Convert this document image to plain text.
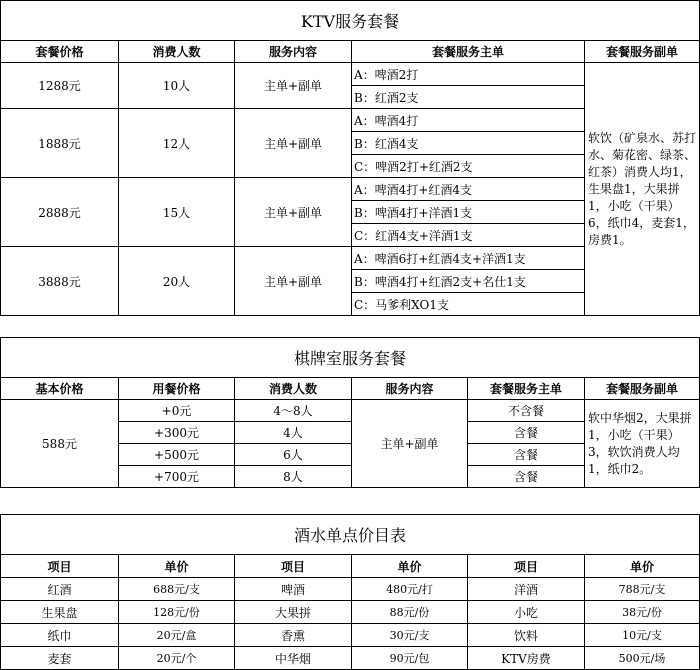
KTV服务套餐				
套餐价格	消费人数	服务内容	套餐服务主单	套餐服务副单
1288元	10人	主单+副单	A：啤酒2打	软饮（矿泉水、苏打水、菊花密、绿茶、红茶）消费人均1，生果盘1，大果拼1，小吃（干果）6，纸巾4，麦套1，房费1。
			B：红酒2支	
1888元	12人	主单+副单	A：啤酒4打	
			B：红酒4支	
			C：啤酒2打+红酒2支	
2888元	15人	主单+副单	A：啤酒4打+红酒4支	
			B：啤酒4打+洋酒1支	
			C：红酒4支+洋酒1支	
3888元	20人	主单+副单	A：啤酒6打+红酒4支+洋酒1支	
			B：啤酒4打+红酒2支+名仕1支	
			C：马爹利XO1支	
棋牌室服务套餐					
基本价格	用餐价格	消费人数	服务内容	套餐服务主单	套餐服务副单
588元	+0元	4～8人	主单+副单	不含餐	软中华烟2，大果拼1，小吃（干果）3，软饮消费人均1，纸巾2。
	+300元	4人		含餐	
	+500元	6人		含餐	
	+700元	8人		含餐	
酒水单点价目表					
项目	单价	项目	单价	项目	单价
红酒	688元/支	啤酒	480元/打	洋酒	788元/支
生果盘	128元/份	大果拼	88元/份	小吃	38元/份
纸巾	20元/盒	香熏	30元/支	饮料	10元/支
麦套	20元/个	中华烟	90元/包	KTV房费	500元/场
